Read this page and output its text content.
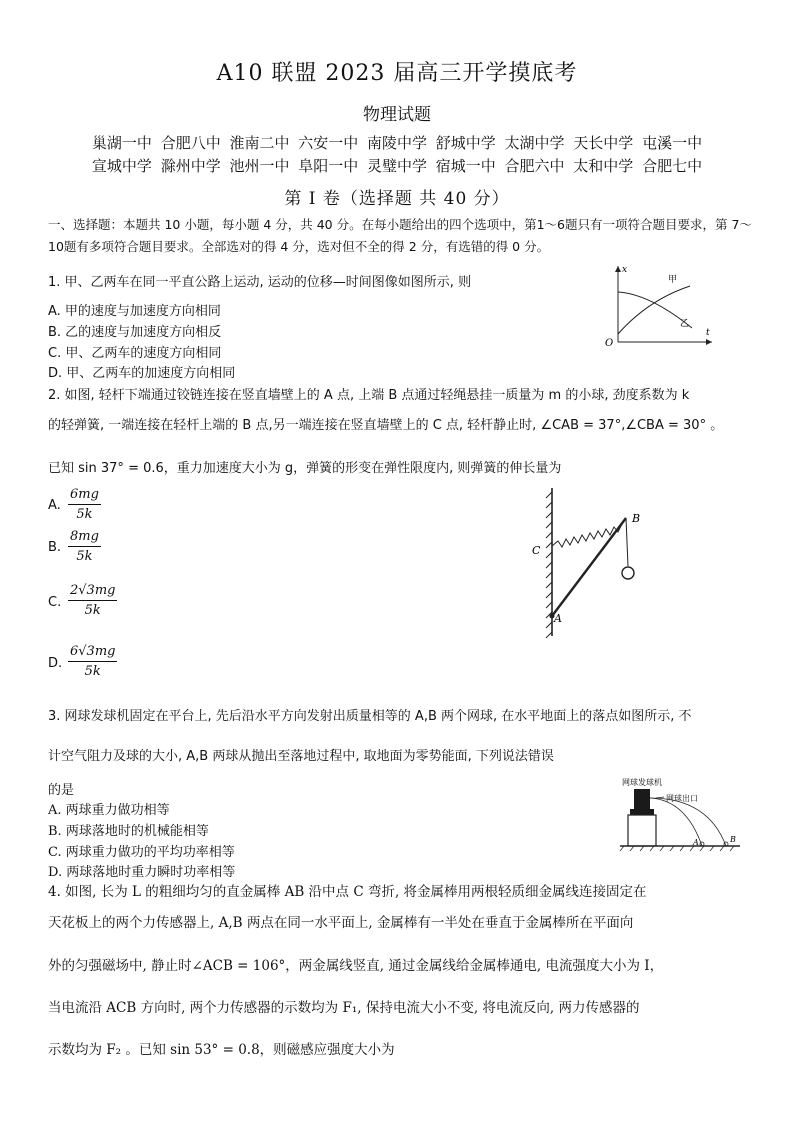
A10 联盟 2023 届高三开学摸底考
物理试题
巢湖一中 合肥八中 淮南二中 六安一中 南陵中学 舒城中学 太湖中学 天长中学 屯溪一中
宣城中学 滁州中学 池州一中 阜阳一中 灵璧中学 宿城一中 合肥六中 太和中学 合肥七中
第 I 卷（选择题 共 40 分）
一、选择题：本题共 10 小题，每小题 4 分，共 40 分。在每小题给出的四个选项中，第1～6题只有一项符合题目要求，第 7～10题有多项符合题目要求。全部选对的得 4 分，选对但不全的得 2 分，有选错的得 0 分。
1. 甲、乙两车在同一平直公路上运动, 运动的位移—时间图像如图所示, 则
A. 甲的速度与加速度方向相同
B. 乙的速度与加速度方向相反
C. 甲、乙两车的速度方向相同
D. 甲、乙两车的加速度方向相同
x
t
O
甲
乙
2. 如图, 轻杆下端通过铰链连接在竖直墙壁上的 A 点, 上端 B 点通过轻绳悬挂一质量为 m 的小球, 劲度系数为 k
的轻弹簧, 一端连接在轻杆上端的 B 点,另一端连接在竖直墙壁上的 C 点, 轻杆静止时, ∠CAB = 37°,∠CBA = 30° 。
已知 sin 37° = 0.6，重力加速度大小为 g，弹簧的形变在弹性限度内, 则弹簧的伸长量为
A. $\frac{6mg}{5k}$
B. $\frac{8mg}{5k}$
C. $\frac{2√3mg}{5k}$
D. $\frac{6√3mg}{5k}$
B
C
A
3. 网球发球机固定在平台上, 先后沿水平方向发射出质量相等的 A,B 两个网球, 在水平地面上的落点如图所示, 不
计空气阻力及球的大小, A,B 两球从抛出至落地过程中, 取地面为零势能面, 下列说法错误
的是
A. 两球重力做功相等
B. 两球落地时的机械能相等
C. 两球重力做功的平均功率相等
D. 两球落地时重力瞬时功率相等
网球发球机
网球出口
A	B
4. 如图, 长为 L 的粗细均匀的直金属棒 AB 沿中点 C 弯折, 将金属棒用两根轻质细金属线连接固定在
天花板上的两个力传感器上, A,B 两点在同一水平面上, 金属棒有一半处在垂直于金属棒所在平面向
外的匀强磁场中, 静止时∠ACB = 106°，两金属线竖直, 通过金属线给金属棒通电, 电流强度大小为 I，
当电流沿 ACB 方向时, 两个力传感器的示数均为 F₁, 保持电流大小不变, 将电流反向, 两力传感器的
示数均为 F₂ 。已知 sin 53° = 0.8，则磁感应强度大小为
